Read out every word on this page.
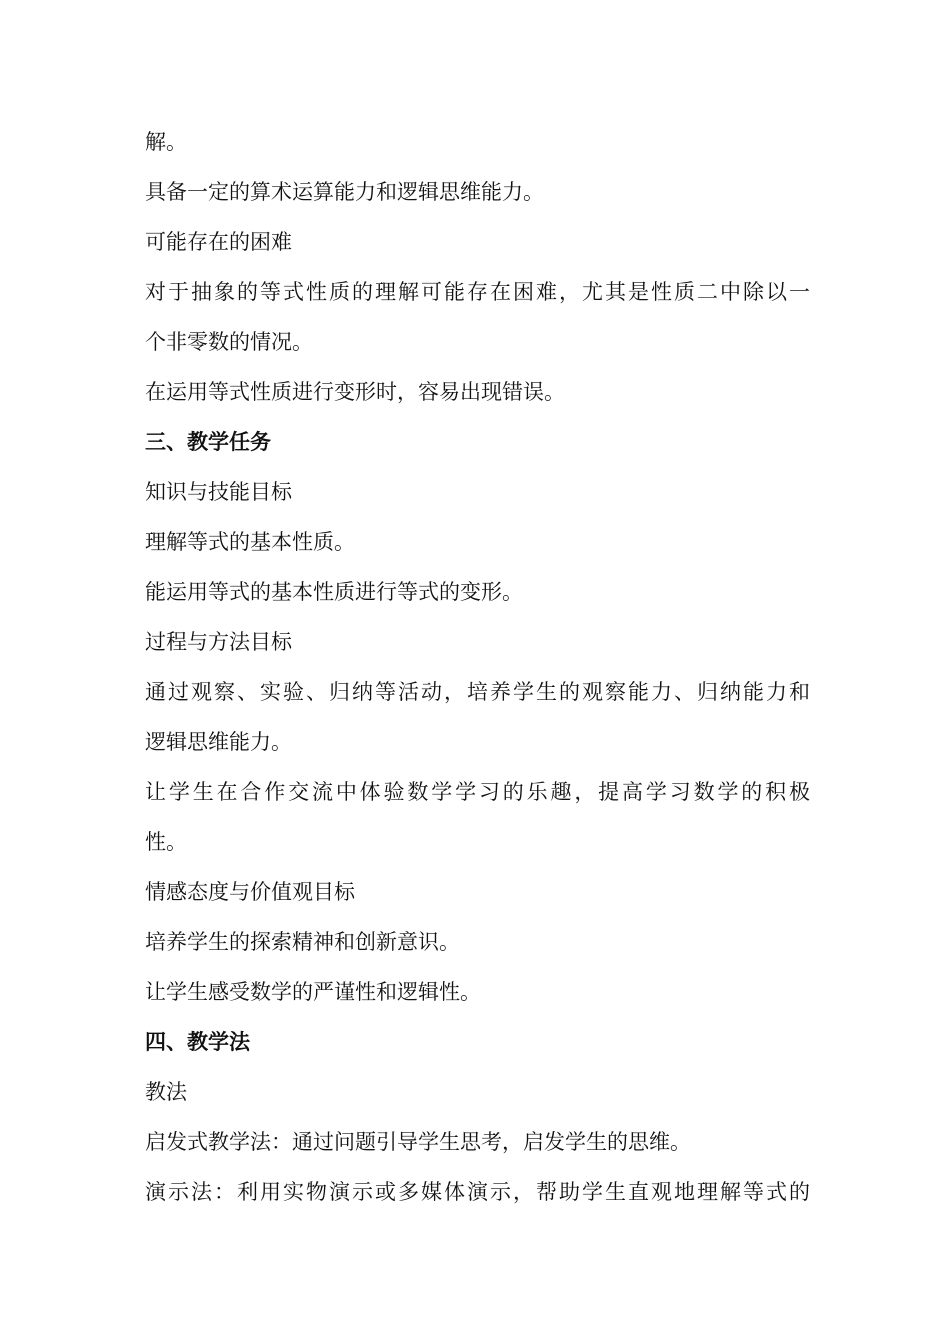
解。
具备一定的算术运算能力和逻辑思维能力。
可能存在的困难
对于抽象的等式性质的理解可能存在困难，尤其是性质二中除以一
个非零数的情况。
在运用等式性质进行变形时，容易出现错误。
三、教学任务
知识与技能目标
理解等式的基本性质。
能运用等式的基本性质进行等式的变形。
过程与方法目标
通过观察、实验、归纳等活动，培养学生的观察能力、归纳能力和
逻辑思维能力。
让学生在合作交流中体验数学学习的乐趣，提高学习数学的积极
性。
情感态度与价值观目标
培养学生的探索精神和创新意识。
让学生感受数学的严谨性和逻辑性。
四、教学法
教法
启发式教学法：通过问题引导学生思考，启发学生的思维。
演示法：利用实物演示或多媒体演示，帮助学生直观地理解等式的
